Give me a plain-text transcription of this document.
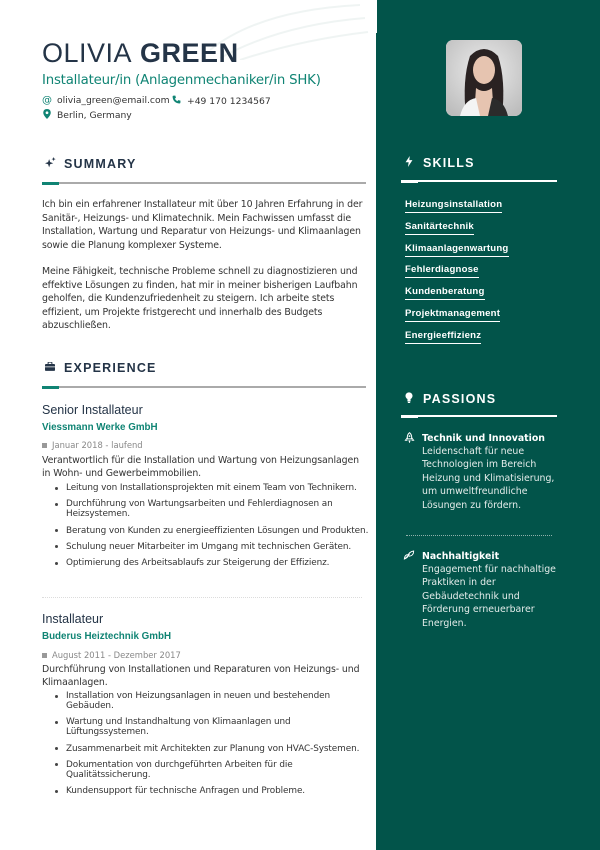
OLIVIA GREEN
Installateur/in (Anlagenmechaniker/in SHK)
@ olivia_green@email.com +49 170 1234567
Berlin, Germany
SUMMARY
Ich bin ein erfahrener Installateur mit über 10 Jahren Erfahrung in der Sanitär-, Heizungs- und Klimatechnik. Mein Fachwissen umfasst die Installation, Wartung und Reparatur von Heizungs- und Klimaanlagen sowie die Planung komplexer Systeme.
Meine Fähigkeit, technische Probleme schnell zu diagnostizieren und effektive Lösungen zu finden, hat mir in meiner bisherigen Laufbahn geholfen, die Kundenzufriedenheit zu steigern. Ich arbeite stets effizient, um Projekte fristgerecht und innerhalb des Budgets abzuschließen.
EXPERIENCE
Senior Installateur
Viessmann Werke GmbH
Januar 2018 - laufend
Verantwortlich für die Installation und Wartung von Heizungsanlagen in Wohn- und Gewerbeimmobilien.
Leitung von Installationsprojekten mit einem Team von Technikern.
Durchführung von Wartungsarbeiten und Fehlerdiagnosen an Heizsystemen.
Beratung von Kunden zu energieeffizienten Lösungen und Produkten.
Schulung neuer Mitarbeiter im Umgang mit technischen Geräten.
Optimierung des Arbeitsablaufs zur Steigerung der Effizienz.
Installateur
Buderus Heiztechnik GmbH
August 2011 - Dezember 2017
Durchführung von Installationen und Reparaturen von Heizungs- und Klimaanlagen.
Installation von Heizungsanlagen in neuen und bestehenden Gebäuden.
Wartung und Instandhaltung von Klimaanlagen und Lüftungssystemen.
Zusammenarbeit mit Architekten zur Planung von HVAC-Systemen.
Dokumentation von durchgeführten Arbeiten für die Qualitätssicherung.
Kundensupport für technische Anfragen und Probleme.
SKILLS
Heizungsinstallation
Sanitärtechnik
Klimaanlagenwartung
Fehlerdiagnose
Kundenberatung
Projektmanagement
Energieeffizienz
PASSIONS
Technik und Innovation
Leidenschaft für neue Technologien im Bereich Heizung und Klimatisierung, um umweltfreundliche Lösungen zu fördern.
Nachhaltigkeit
Engagement für nachhaltige Praktiken in der Gebäudetechnik und Förderung erneuerbarer Energien.
